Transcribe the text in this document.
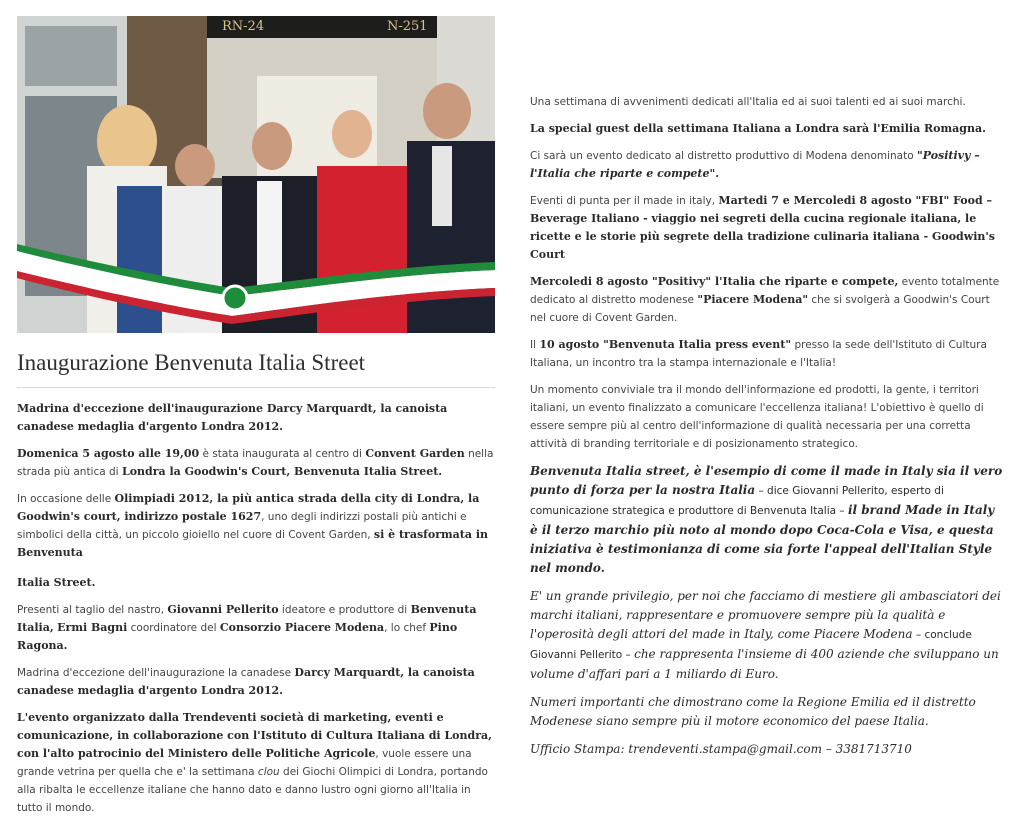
RN-24	N-251
Inaugurazione Benvenuta Italia Street

Madrina d'eccezione dell'inaugurazione Darcy Marquardt, la canoista canadese medaglia d'argento Londra 2012.

Domenica 5 agosto alle 19,00 è stata inaugurata al centro di Convent Garden nella strada più antica di Londra la Goodwin's Court, Benvenuta Italia Street.

In occasione delle Olimpiadi 2012, la più antica strada della city di Londra, la Goodwin's court, indirizzo postale 1627, uno degli indirizzi postali più antichi e simbolici della città, un piccolo gioiello nel cuore di Covent Garden, si è trasformata in Benvenuta

Italia Street.

Presenti al taglio del nastro, Giovanni Pellerito ideatore e produttore di Benvenuta Italia, Ermi Bagni coordinatore del Consorzio Piacere Modena, lo chef Pino Ragona.

Madrina d'eccezione dell'inaugurazione la canadese Darcy Marquardt, la canoista canadese medaglia d'argento Londra 2012.

L'evento organizzato dalla Trendeventi società di marketing, eventi e comunicazione, in collaborazione con l'Istituto di Cultura Italiana di Londra, con l'alto patrocinio del Ministero delle Politiche Agricole, vuole essere una grande vetrina per quella che e' la settimana clou dei Giochi Olimpici di Londra, portando alla ribalta le eccellenze italiane che hanno dato e danno lustro ogni giorno all'Italia in tutto il mondo.

Una settimana di avvenimenti dedicati all'Italia ed ai suoi talenti ed ai suoi marchi.

La special guest della settimana Italiana a Londra sarà l'Emilia Romagna.

Ci sarà un evento dedicato al distretto produttivo di Modena denominato "Positivy – l'Italia che riparte e compete".

Eventi di punta per il made in italy, Martedi 7 e Mercoledi 8 agosto "FBI" Food – Beverage Italiano - viaggio nei segreti della cucina regionale italiana, le ricette e le storie più segrete della tradizione culinaria italiana - Goodwin's Court

Mercoledi 8 agosto "Positivy" l'Italia che riparte e compete, evento totalmente dedicato al distretto modenese "Piacere Modena" che si svolgerà a Goodwin's Court nel cuore di Covent Garden.

Il 10 agosto "Benvenuta Italia press event" presso la sede dell'Istituto di Cultura Italiana, un incontro tra la stampa internazionale e l'Italia!

Un momento conviviale tra il mondo dell'informazione ed prodotti, la gente, i territori italiani, un evento finalizzato a comunicare l'eccellenza italiana! L'obiettivo è quello di essere sempre più al centro dell'informazione di qualità necessaria per una corretta attività di branding territoriale e di posizionamento strategico.

Benvenuta Italia street, è l'esempio di come il made in Italy sia il vero punto di forza per la nostra Italia – dice Giovanni Pellerito, esperto di comunicazione strategica e produttore di Benvenuta Italia – il brand Made in Italy è il terzo marchio più noto al mondo dopo Coca-Cola e Visa, e questa iniziativa è testimonianza di come sia forte l'appeal dell'Italian Style nel mondo.

E' un grande privilegio, per noi che facciamo di mestiere gli ambasciatori dei marchi italiani, rappresentare e promuovere sempre più la qualità e l'operosità degli attori del made in Italy, come Piacere Modena – conclude Giovanni Pellerito – che rappresenta l'insieme di 400 aziende che sviluppano un volume d'affari pari a 1 miliardo di Euro.

Numeri importanti che dimostrano come la Regione Emilia ed il distretto Modenese siano sempre più il motore economico del paese Italia.

Ufficio Stampa: trendeventi.stampa@gmail.com – 3381713710
